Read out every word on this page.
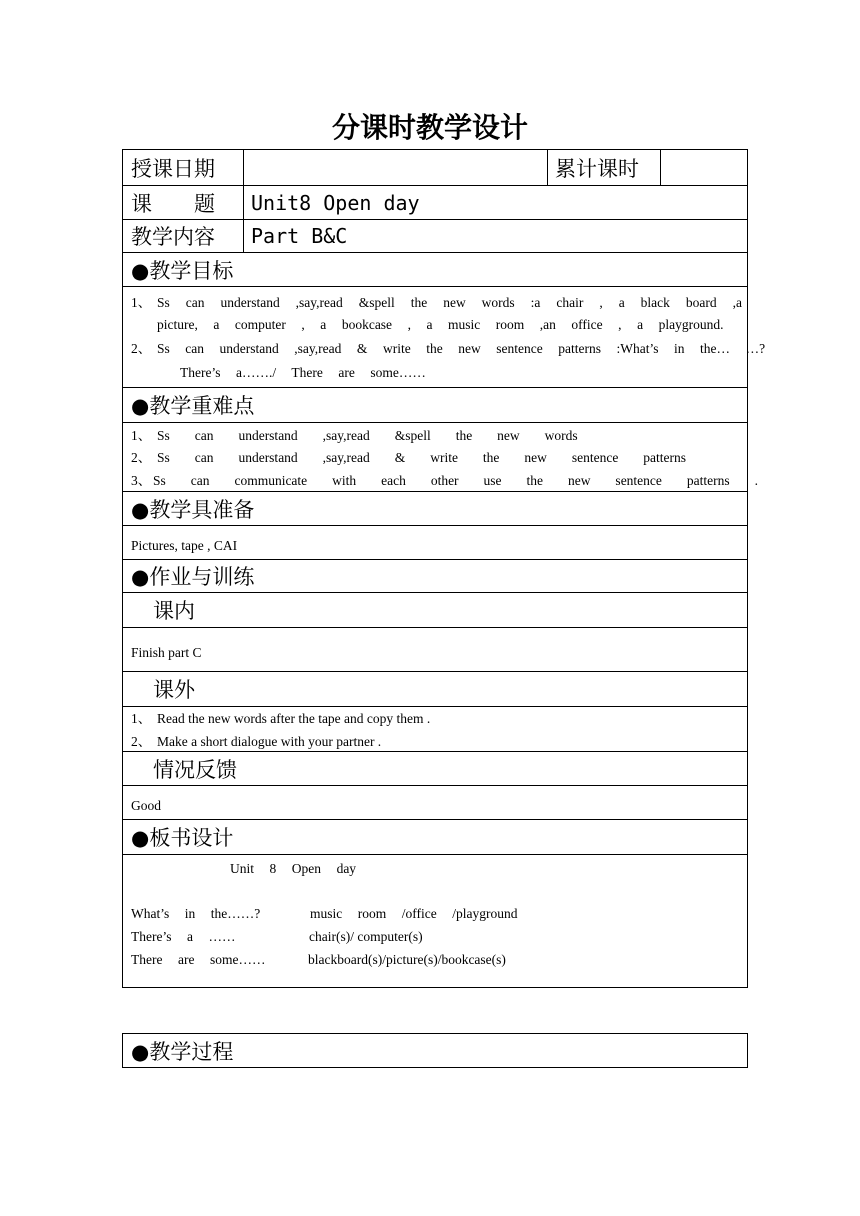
分课时教学设计
授课日期	累计课时
课　　题 Unit8 Open day
教学内容 Part B&C
●教学目标
1、 Ss can understand ,say,read &spell the new words :a chair , a black board ,a
picture, a computer , a bookcase , a music room ,an office , a playground.
2、 Ss can understand ,say,read & write the new sentence patterns :What’s in the… …?
There’s a……./ There are some……
●教学重难点
1、 Ss can understand ,say,read &spell the new words
2、 Ss can understand ,say,read & write the new sentence patterns
3、 Ss can communicate with each other use the new sentence patterns .
●教学具准备
Pictures, tape , CAI
●作业与训练
课内
Finish part C
课外
1、 Read the new words after the tape and copy them .
2、 Make a short dialogue with your partner .
情况反馈
Good
●板书设计
Unit 8 Open day
What’s in the……?	music room /office /playground
There’s a ……	chair(s)/ computer(s)
There are some……	blackboard(s)/picture(s)/bookcase(s)
●教学过程
